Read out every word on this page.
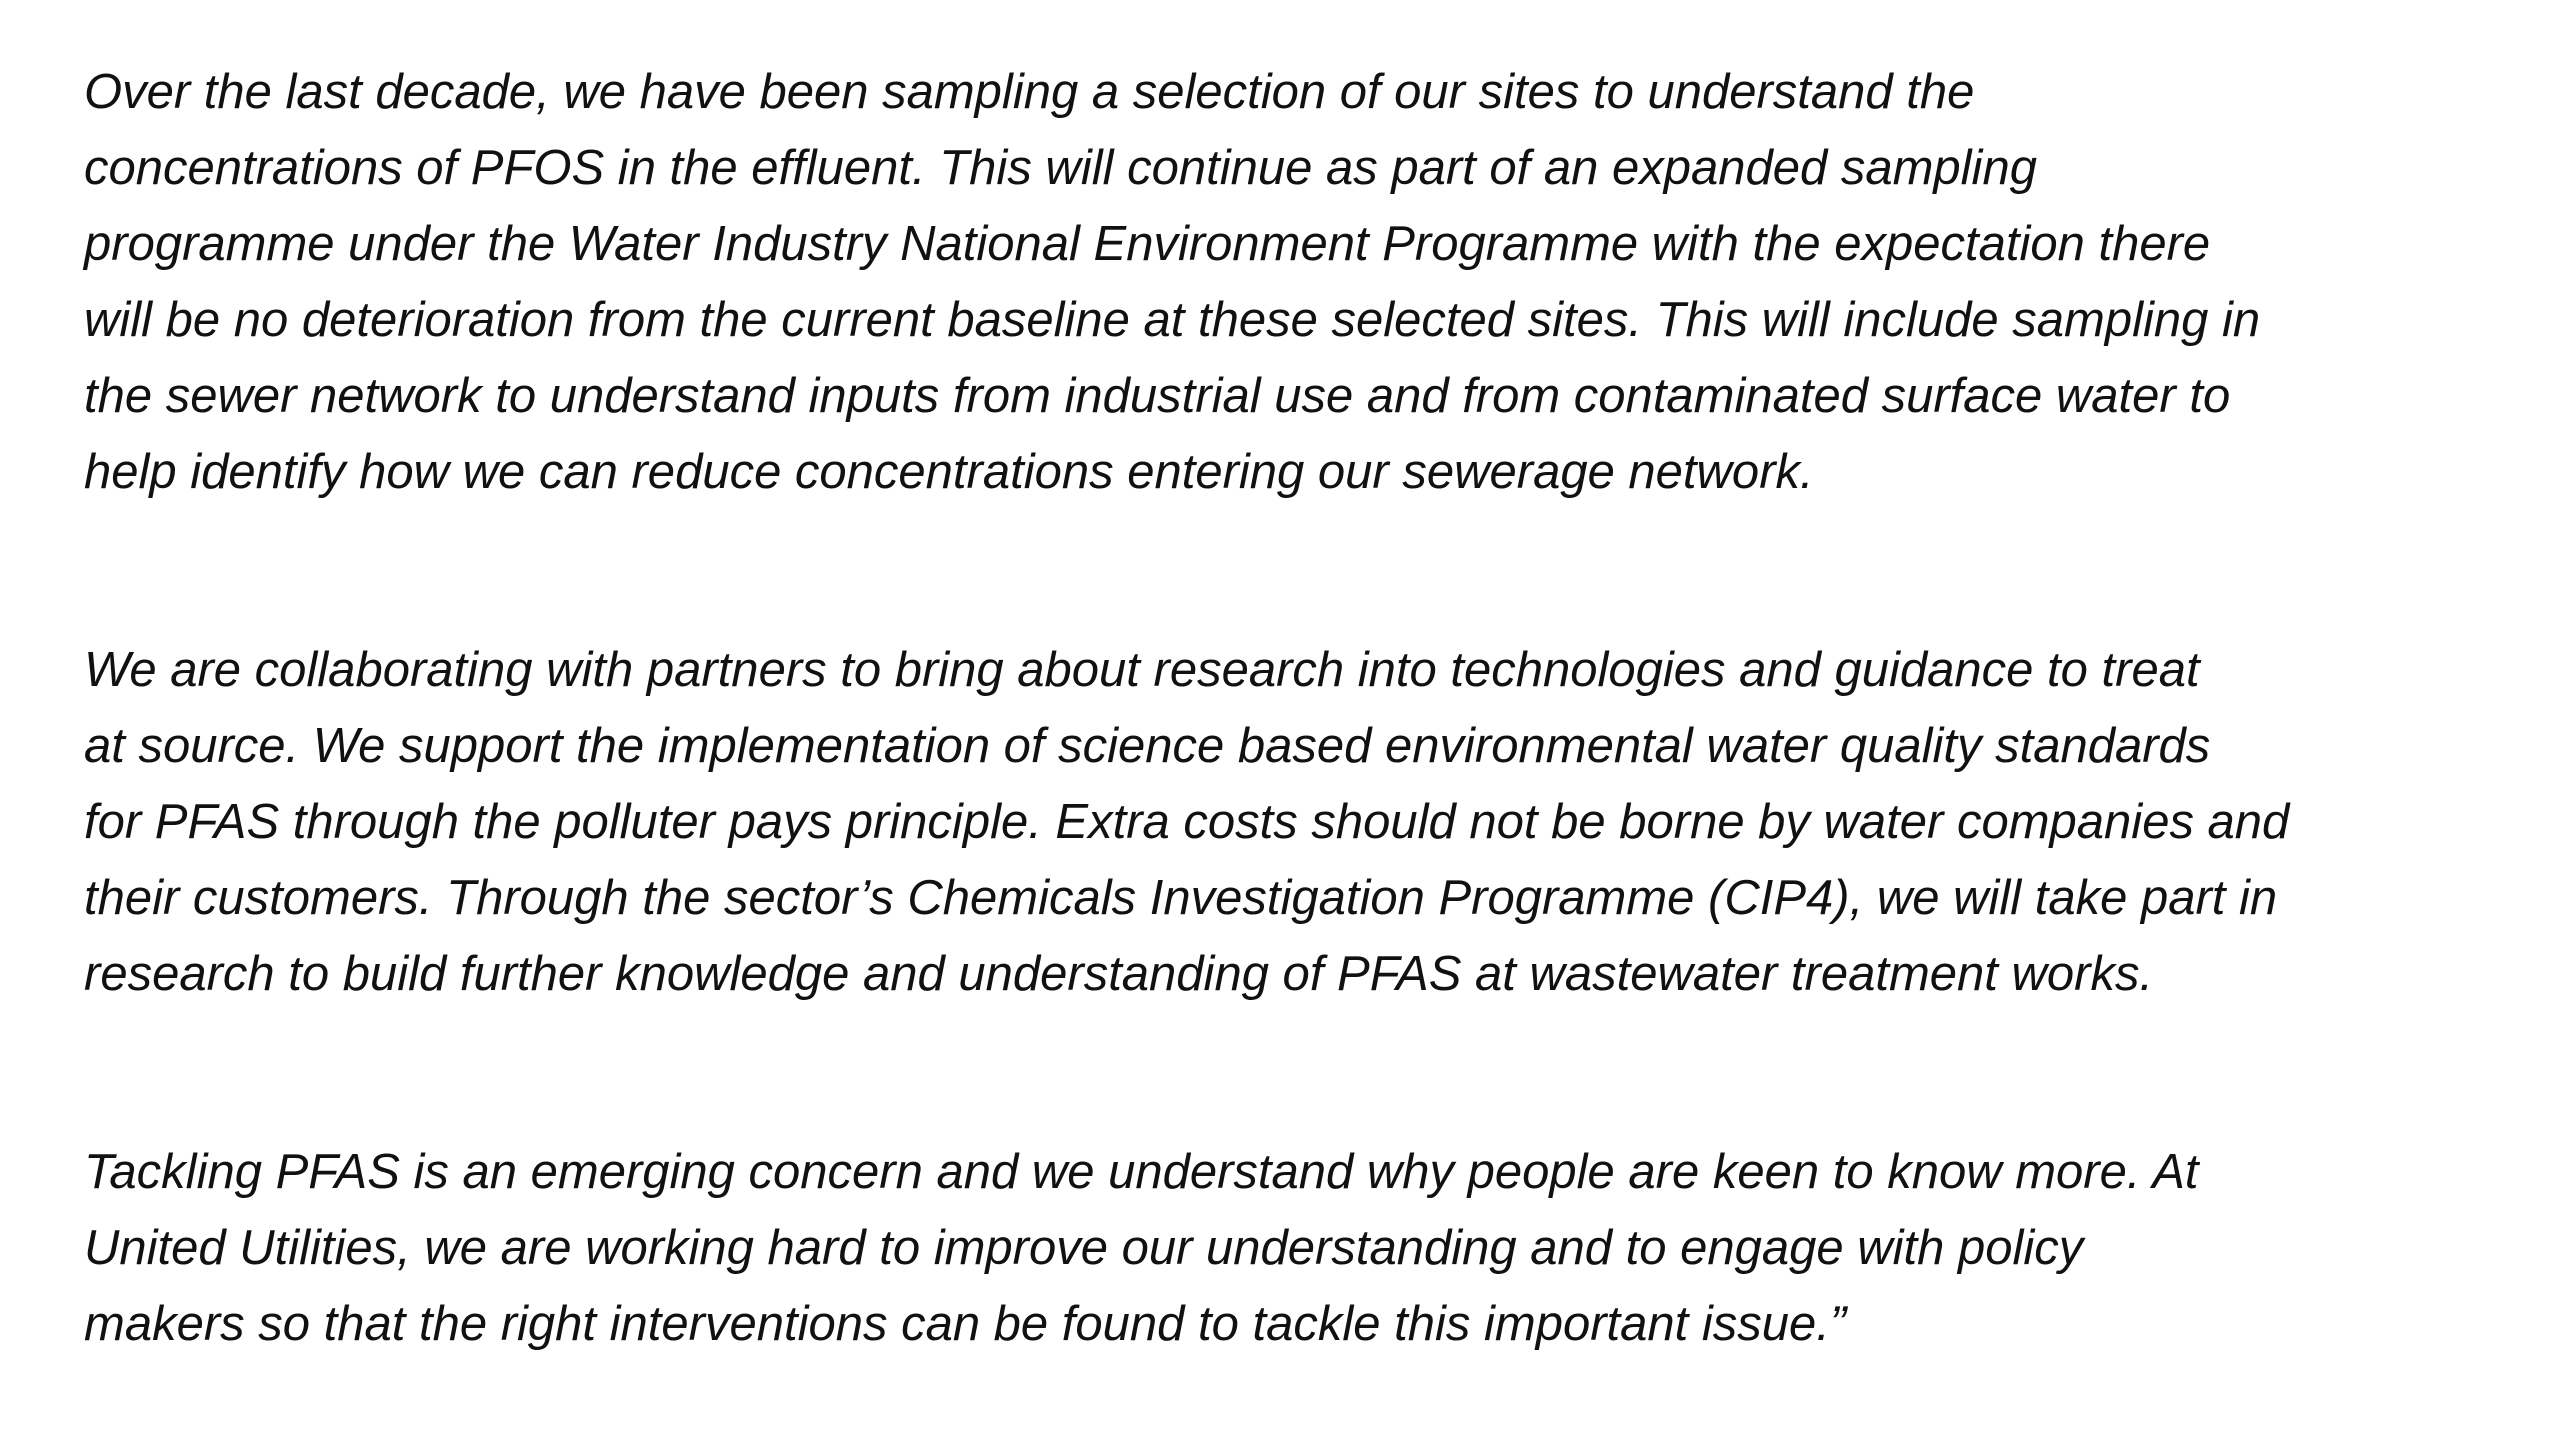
Over the last decade, we have been sampling a selection of our sites to understand the
concentrations of PFOS in the effluent. This will continue as part of an expanded sampling
programme under the Water Industry National Environment Programme with the expectation there
will be no deterioration from the current baseline at these selected sites. This will include sampling in
the sewer network to understand inputs from industrial use and from contaminated surface water to
help identify how we can reduce concentrations entering our sewerage network.

We are collaborating with partners to bring about research into technologies and guidance to treat
at source. We support the implementation of science based environmental water quality standards
for PFAS through the polluter pays principle. Extra costs should not be borne by water companies and
their customers. Through the sector’s Chemicals Investigation Programme (CIP4), we will take part in
research to build further knowledge and understanding of PFAS at wastewater treatment works.

Tackling PFAS is an emerging concern and we understand why people are keen to know more. At
United Utilities, we are working hard to improve our understanding and to engage with policy
makers so that the right interventions can be found to tackle this important issue.”
